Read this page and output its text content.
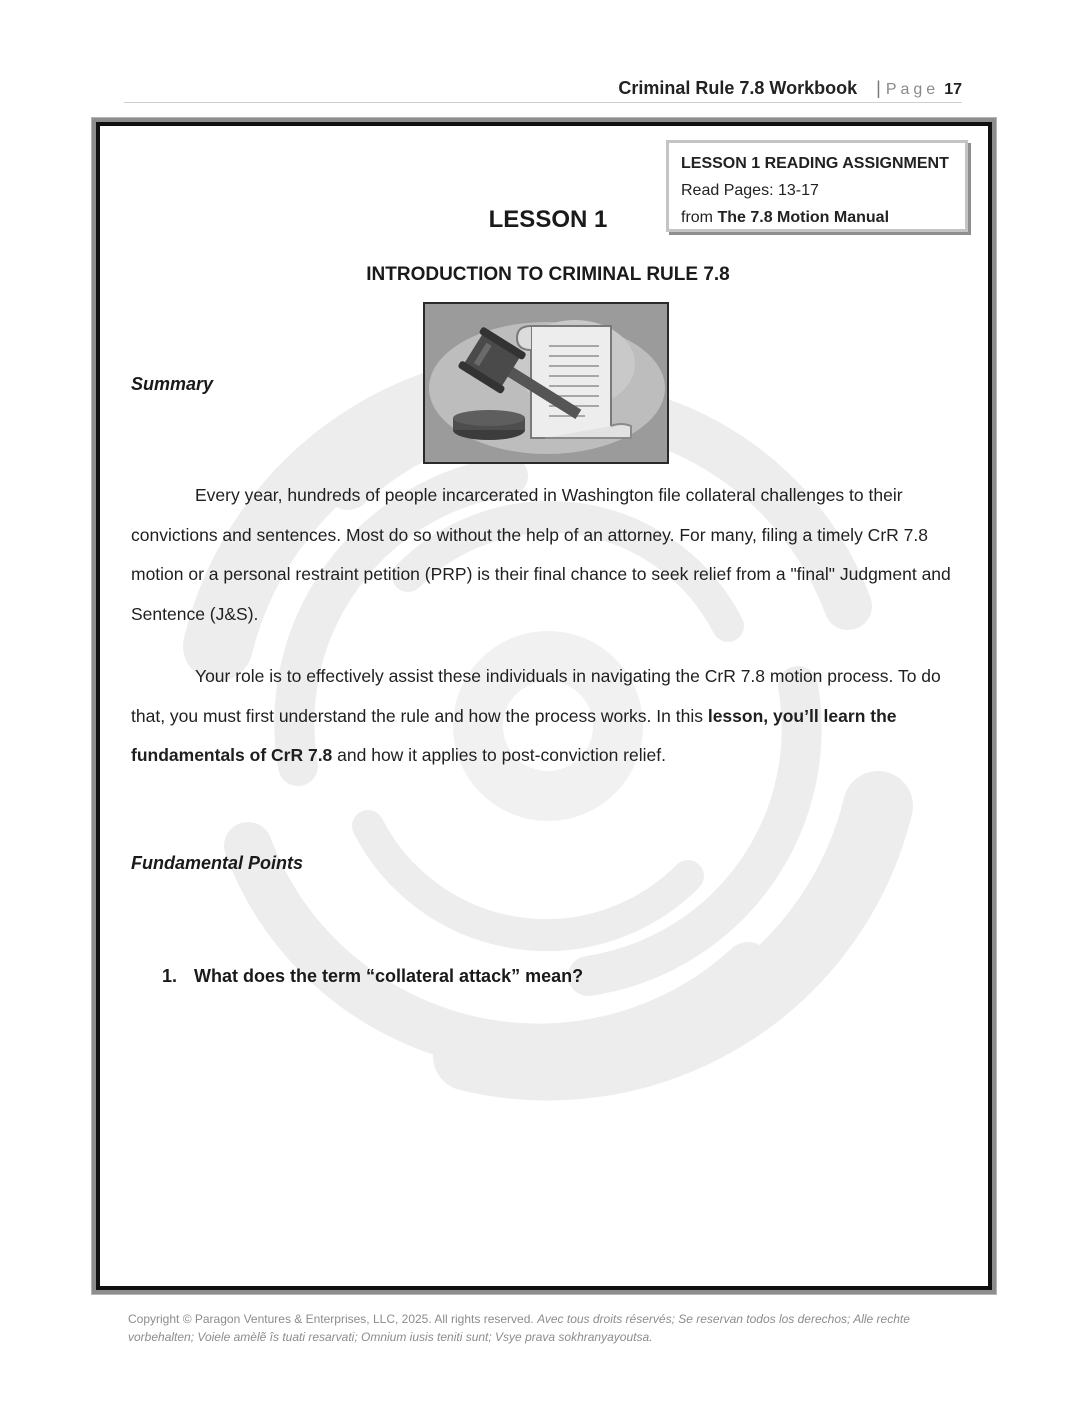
Criminal Rule 7.8 Workbook | Page 17
LESSON 1 READING ASSIGNMENT
Read Pages: 13-17
from The 7.8 Motion Manual
LESSON 1
INTRODUCTION TO CRIMINAL RULE 7.8
Summary
Every year, hundreds of people incarcerated in Washington file collateral challenges to their convictions and sentences. Most do so without the help of an attorney. For many, filing a timely CrR 7.8 motion or a personal restraint petition (PRP) is their final chance to seek relief from a "final" Judgment and Sentence (J&S).
Your role is to effectively assist these individuals in navigating the CrR 7.8 motion process. To do that, you must first understand the rule and how the process works. In this lesson, you’ll learn the fundamentals of CrR 7.8 and how it applies to post-conviction relief.
Fundamental Points
1. What does the term “collateral attack” mean?
Copyright © Paragon Ventures & Enterprises, LLC, 2025. All rights reserved. Avec tous droits réservés; Se reservan todos los derechos; Alle rechte vorbehalten; Voiele amèlẽ îs tuati resarvati; Omnium iusis teniti sunt; Vsye prava sokhranyayoutsa.
